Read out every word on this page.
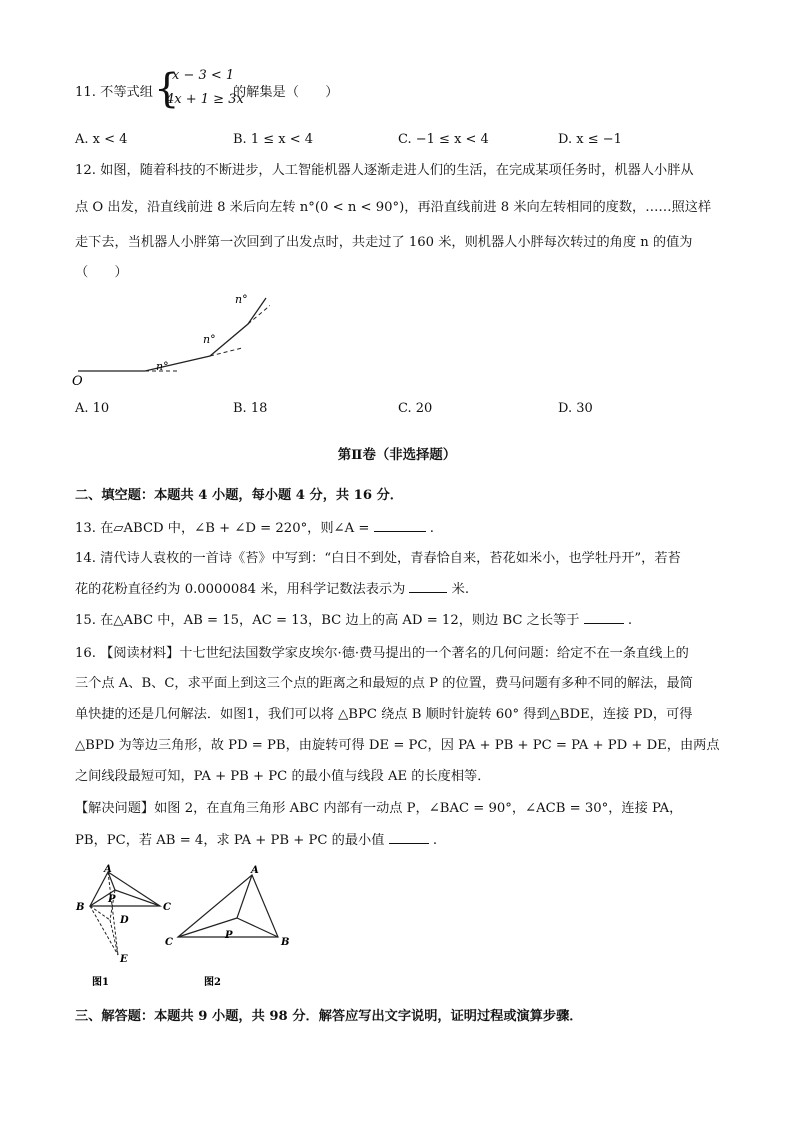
11. 不等式组 {
x − 3 < 1
4x + 1 ≥ 3x
的解集是（　　）
A. x < 4	B. 1 ≤ x < 4	C. −1 ≤ x < 4	D. x ≤ −1
12. 如图，随着科技的不断进步，人工智能机器人逐渐走进人们的生活，在完成某项任务时，机器人小胖从
点 O 出发，沿直线前进 8 米后向左转 n°(0 < n < 90°)，再沿直线前进 8 米向左转相同的度数，……照这样
走下去，当机器人小胖第一次回到了出发点时，共走过了 160 米，则机器人小胖每次转过的角度 n 的值为
（　　）
O
n°
n°
n°
A. 10	B. 18	C. 20	D. 30
第Ⅱ卷（非选择题）
二、填空题：本题共 4 小题，每小题 4 分，共 16 分．
13. 在▱ABCD 中，∠B + ∠D = 220°，则∠A =	.
14. 清代诗人袁枚的一首诗《苔》中写到：“白日不到处，青春恰自来，苔花如米小，也学牡丹开”，若苔
花的花粉直径约为 0.0000084 米，用科学记数法表示为	米.
15. 在△ABC 中，AB = 15，AC = 13，BC 边上的高 AD = 12，则边 BC 之长等于	.
16. 【阅读材料】十七世纪法国数学家皮埃尔·德·费马提出的一个著名的几何问题：给定不在一条直线上的
三个点 A、B、C，求平面上到这三个点的距离之和最短的点 P 的位置，费马问题有多种不同的解法，最简
单快捷的还是几何解法．如图1，我们可以将 △BPC 绕点 B 顺时针旋转 60° 得到△BDE，连接 PD，可得
△BPD 为等边三角形，故 PD = PB，由旋转可得 DE = PC，因 PA + PB + PC = PA + PD + DE，由两点
之间线段最短可知，PA + PB + PC 的最小值与线段 AE 的长度相等．
【解决问题】如图 2，在直角三角形 ABC 内部有一动点 P，∠BAC = 90°，∠ACB = 30°，连接 PA，
PB，PC，若 AB = 4，求 PA + PB + PC 的最小值	.
A
P
B	C
D
E
图1
A
P
C	B
图2
三、解答题：本题共 9 小题，共 98 分．解答应写出文字说明，证明过程或演算步骤．
